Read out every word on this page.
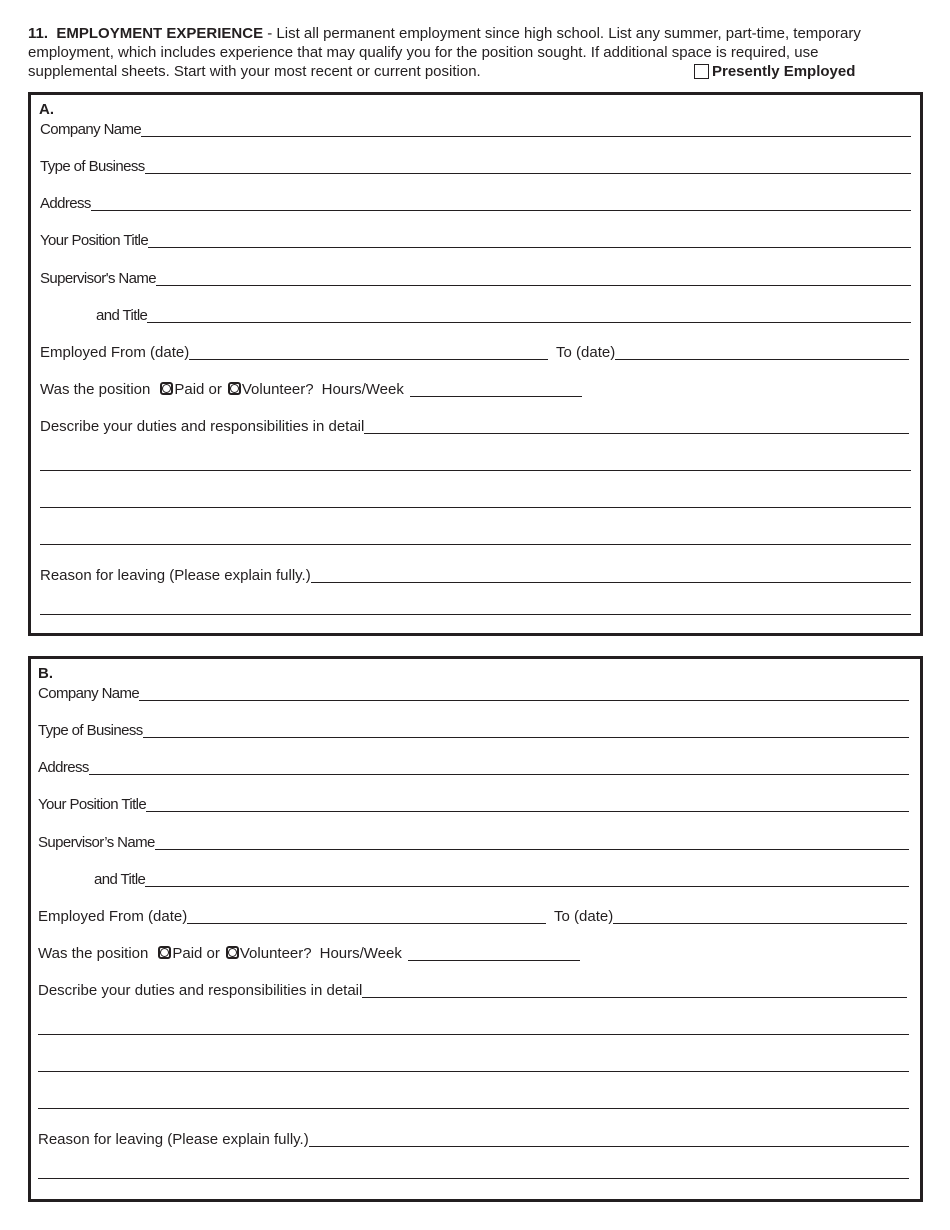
11. EMPLOYMENT EXPERIENCE - List all permanent employment since high school. List any summer, part-time, temporary
employment, which includes experience that may qualify you for the position sought. If additional space is required, use
supplemental sheets. Start with your most recent or current position.	Presently Employed
A.
Company Name
Type of Business
Address
Your Position Title
Supervisor's Name
and Title
Employed From (date)	To (date)
Was the position	Paid or	Volunteer? Hours/Week
Describe your duties and responsibilities in detail
Reason for leaving (Please explain fully.)
B.
Company Name
Type of Business
Address
Your Position Title
Supervisor’s Name
and Title
Employed From (date)	To (date)
Was the position	Paid or	Volunteer? Hours/Week
Describe your duties and responsibilities in detail
Reason for leaving (Please explain fully.)
